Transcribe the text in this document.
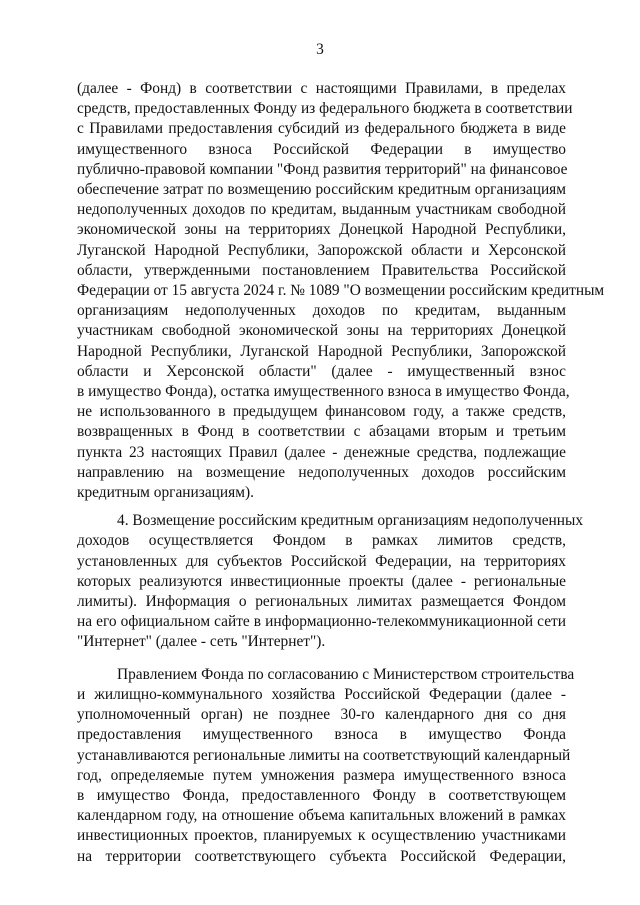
3

(далее - Фонд) в соответствии с настоящими Правилами, в пределах
средств, предоставленных Фонду из федерального бюджета в соответствии
с Правилами предоставления субсидий из федерального бюджета в виде
имущественного взноса Российской Федерации в имущество
публично-правовой компании "Фонд развития территорий" на финансовое
обеспечение затрат по возмещению российским кредитным организациям
недополученных доходов по кредитам, выданным участникам свободной
экономической зоны на территориях Донецкой Народной Республики,
Луганской Народной Республики, Запорожской области и Херсонской
области, утвержденными постановлением Правительства Российской
Федерации от 15 августа 2024 г. № 1089 "О возмещении российским кредитным
организациям недополученных доходов по кредитам, выданным
участникам свободной экономической зоны на территориях Донецкой
Народной Республики, Луганской Народной Республики, Запорожской
области и Херсонской области" (далее - имущественный взнос
в имущество Фонда), остатка имущественного взноса в имущество Фонда,
не использованного в предыдущем финансовом году, а также средств,
возвращенных в Фонд в соответствии с абзацами вторым и третьим
пункта 23 настоящих Правил (далее - денежные средства, подлежащие
направлению на возмещение недополученных доходов российским
кредитным организациям).

4. Возмещение российским кредитным организациям недополученных
доходов осуществляется Фондом в рамках лимитов средств,
установленных для субъектов Российской Федерации, на территориях
которых реализуются инвестиционные проекты (далее - региональные
лимиты). Информация о региональных лимитах размещается Фондом
на его официальном сайте в информационно-телекоммуникационной сети
"Интернет" (далее - сеть "Интернет").

Правлением Фонда по согласованию с Министерством строительства
и жилищно-коммунального хозяйства Российской Федерации (далее -
уполномоченный орган) не позднее 30-го календарного дня со дня
предоставления имущественного взноса в имущество Фонда
устанавливаются региональные лимиты на соответствующий календарный
год, определяемые путем умножения размера имущественного взноса
в имущество Фонда, предоставленного Фонду в соответствующем
календарном году, на отношение объема капитальных вложений в рамках
инвестиционных проектов, планируемых к осуществлению участниками
на территории соответствующего субъекта Российской Федерации,
